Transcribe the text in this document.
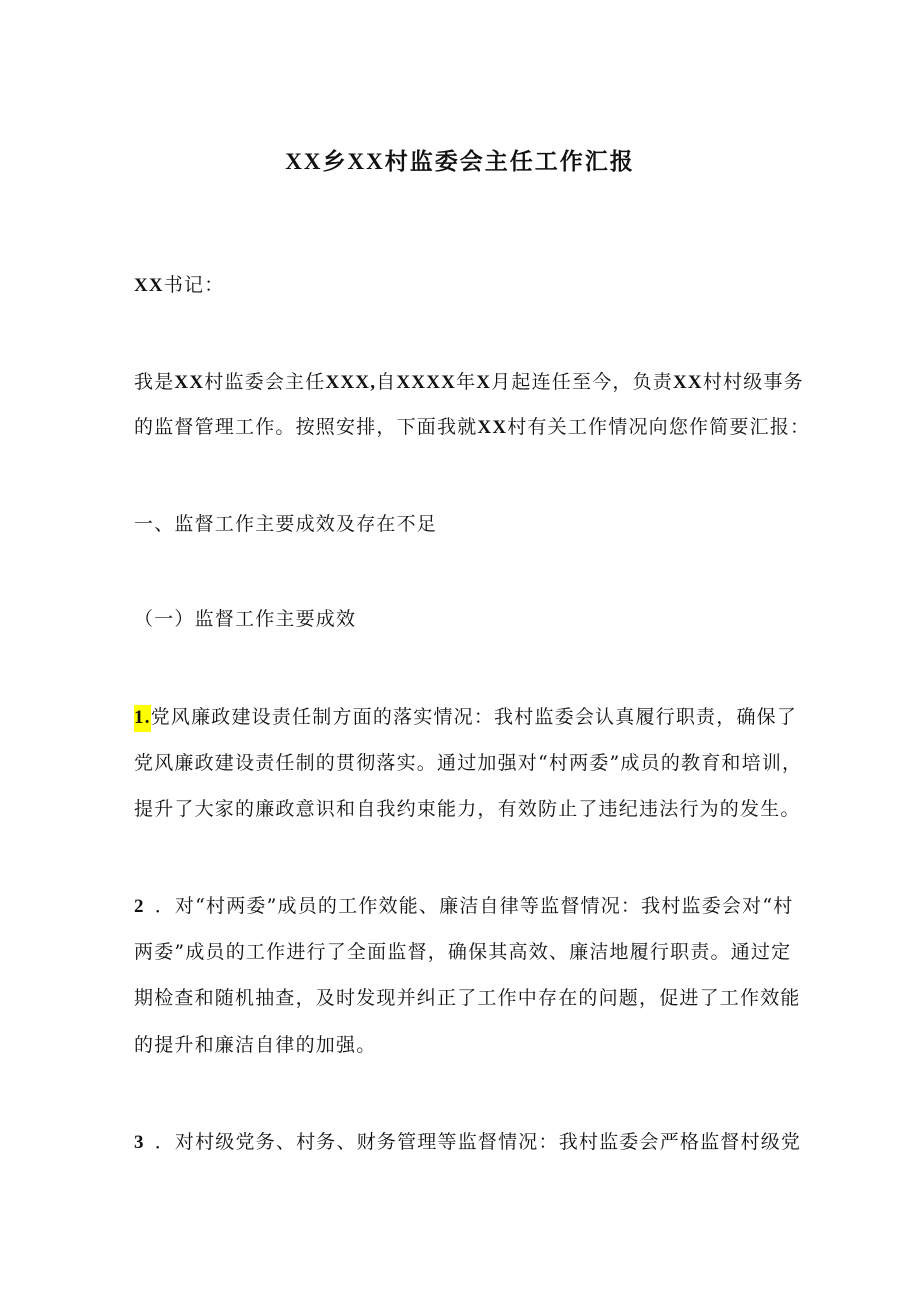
XX乡XX村监委会主任工作汇报
XX书记：
我是XX村监委会主任XXX,自XXXX年X月起连任至今，负责XX村村级事务
的监督管理工作。按照安排，下面我就XX村有关工作情况向您作简要汇报：
一、监督工作主要成效及存在不足
（一）监督工作主要成效
1.党风廉政建设责任制方面的落实情况：我村监委会认真履行职责，确保了
党风廉政建设责任制的贯彻落实。通过加强对“村两委”成员的教育和培训，
提升了大家的廉政意识和自我约束能力，有效防止了违纪违法行为的发生。
2 ．对“村两委”成员的工作效能、廉洁自律等监督情况：我村监委会对“村
两委”成员的工作进行了全面监督，确保其高效、廉洁地履行职责。通过定
期检查和随机抽查，及时发现并纠正了工作中存在的问题，促进了工作效能
的提升和廉洁自律的加强。
3 ．对村级党务、村务、财务管理等监督情况：我村监委会严格监督村级党
